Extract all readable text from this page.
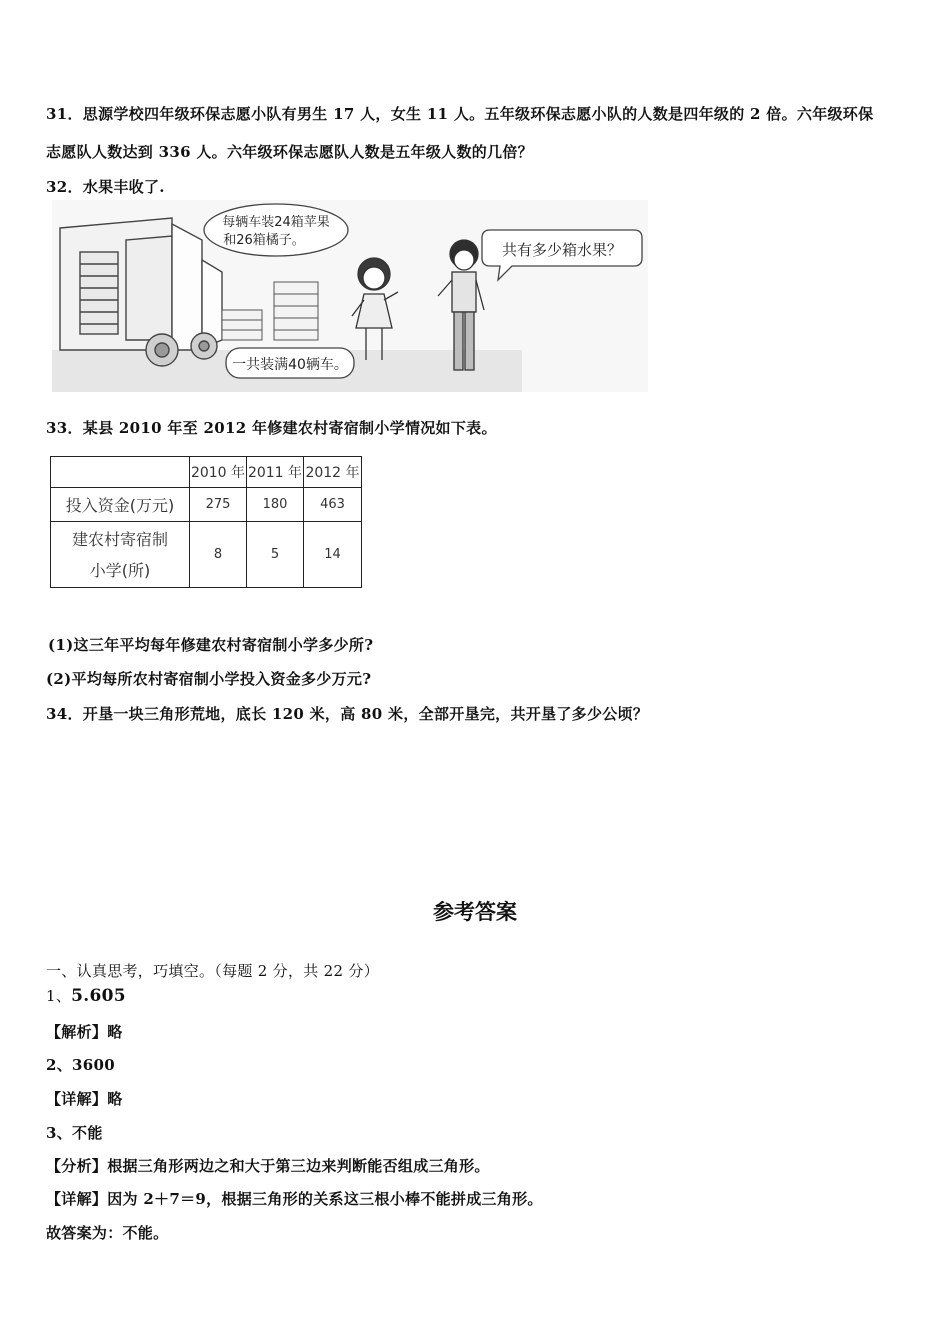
31．思源学校四年级环保志愿小队有男生 17 人，女生 11 人。五年级环保志愿小队的人数是四年级的 2 倍。六年级环保
志愿队人数达到 336 人。六年级环保志愿队人数是五年级人数的几倍？
32．水果丰收了.
每辆车装24箱苹果
和26箱橘子。
共有多少箱水果？
一共装满40辆车。
33．某县 2010 年至 2012 年修建农村寄宿制小学情况如下表。
	2010 年	2011 年	2012 年
投入资金(万元)	275	180	463

建农村寄宿制
小学(所)	8	5	14
(1)这三年平均每年修建农村寄宿制小学多少所?
(2)平均每所农村寄宿制小学投入资金多少万元?
34．开垦一块三角形荒地，底长 120 米，高 80 米，全部开垦完，共开垦了多少公顷？
参考答案
一、认真思考，巧填空。（每题 2 分，共 22 分）
1、5.605
【解析】略
2、3600
【详解】略
3、不能
【分析】根据三角形两边之和大于第三边来判断能否组成三角形。
【详解】因为 2＋7＝9，根据三角形的关系这三根小棒不能拼成三角形。
故答案为：不能。
